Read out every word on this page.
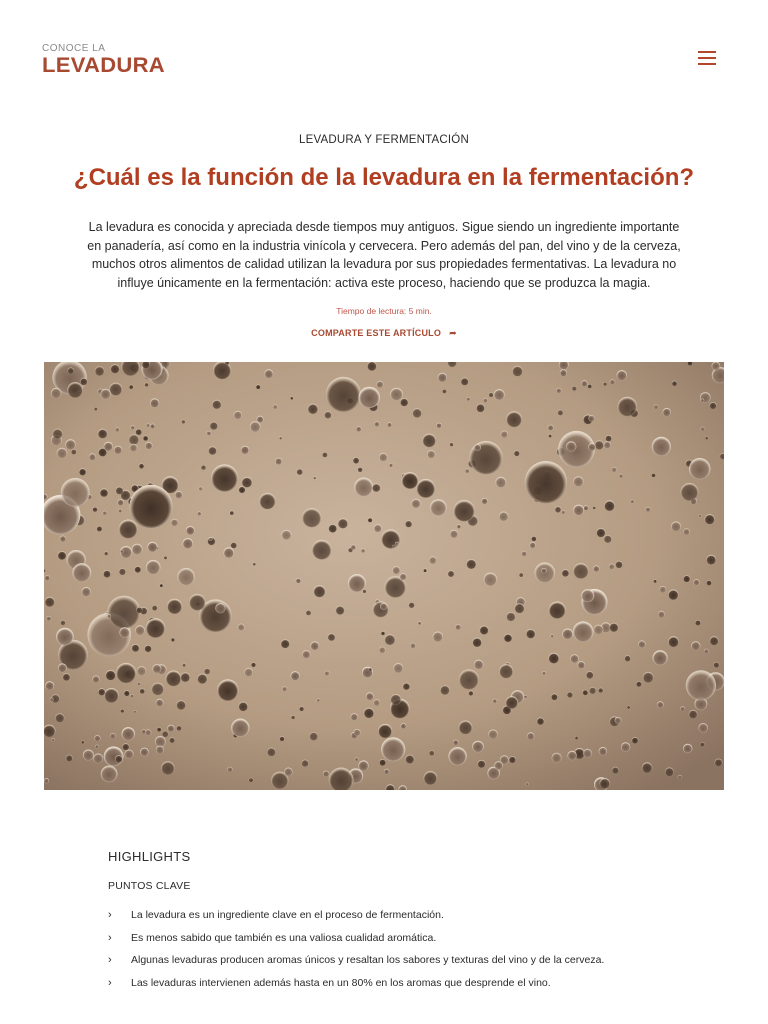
CONOCE LA
LEVADURA
LEVADURA Y FERMENTACIÓN
¿Cuál es la función de la levadura en la fermentación?

La levadura es conocida y apreciada desde tiempos muy antiguos. Sigue siendo un ingrediente importante en panadería, así como en la industria vinícola y cervecera. Pero además del pan, del vino y de la cerveza, muchos otros alimentos de calidad utilizan la levadura por sus propiedades fermentativas. La levadura no influye únicamente en la fermentación: activa este proceso, haciendo que se produzca la magia.

Tiempo de lectura: 5 min.
COMPARTE ESTE ARTÍCULO ➦
HIGHLIGHTS
PUNTOS CLAVE
› La levadura es un ingrediente clave en el proceso de fermentación.
› Es menos sabido que también es una valiosa cualidad aromática.
› Algunas levaduras producen aromas únicos y resaltan los sabores y texturas del vino y de la cerveza.
› Las levaduras intervienen además hasta en un 80% en los aromas que desprende el vino.
